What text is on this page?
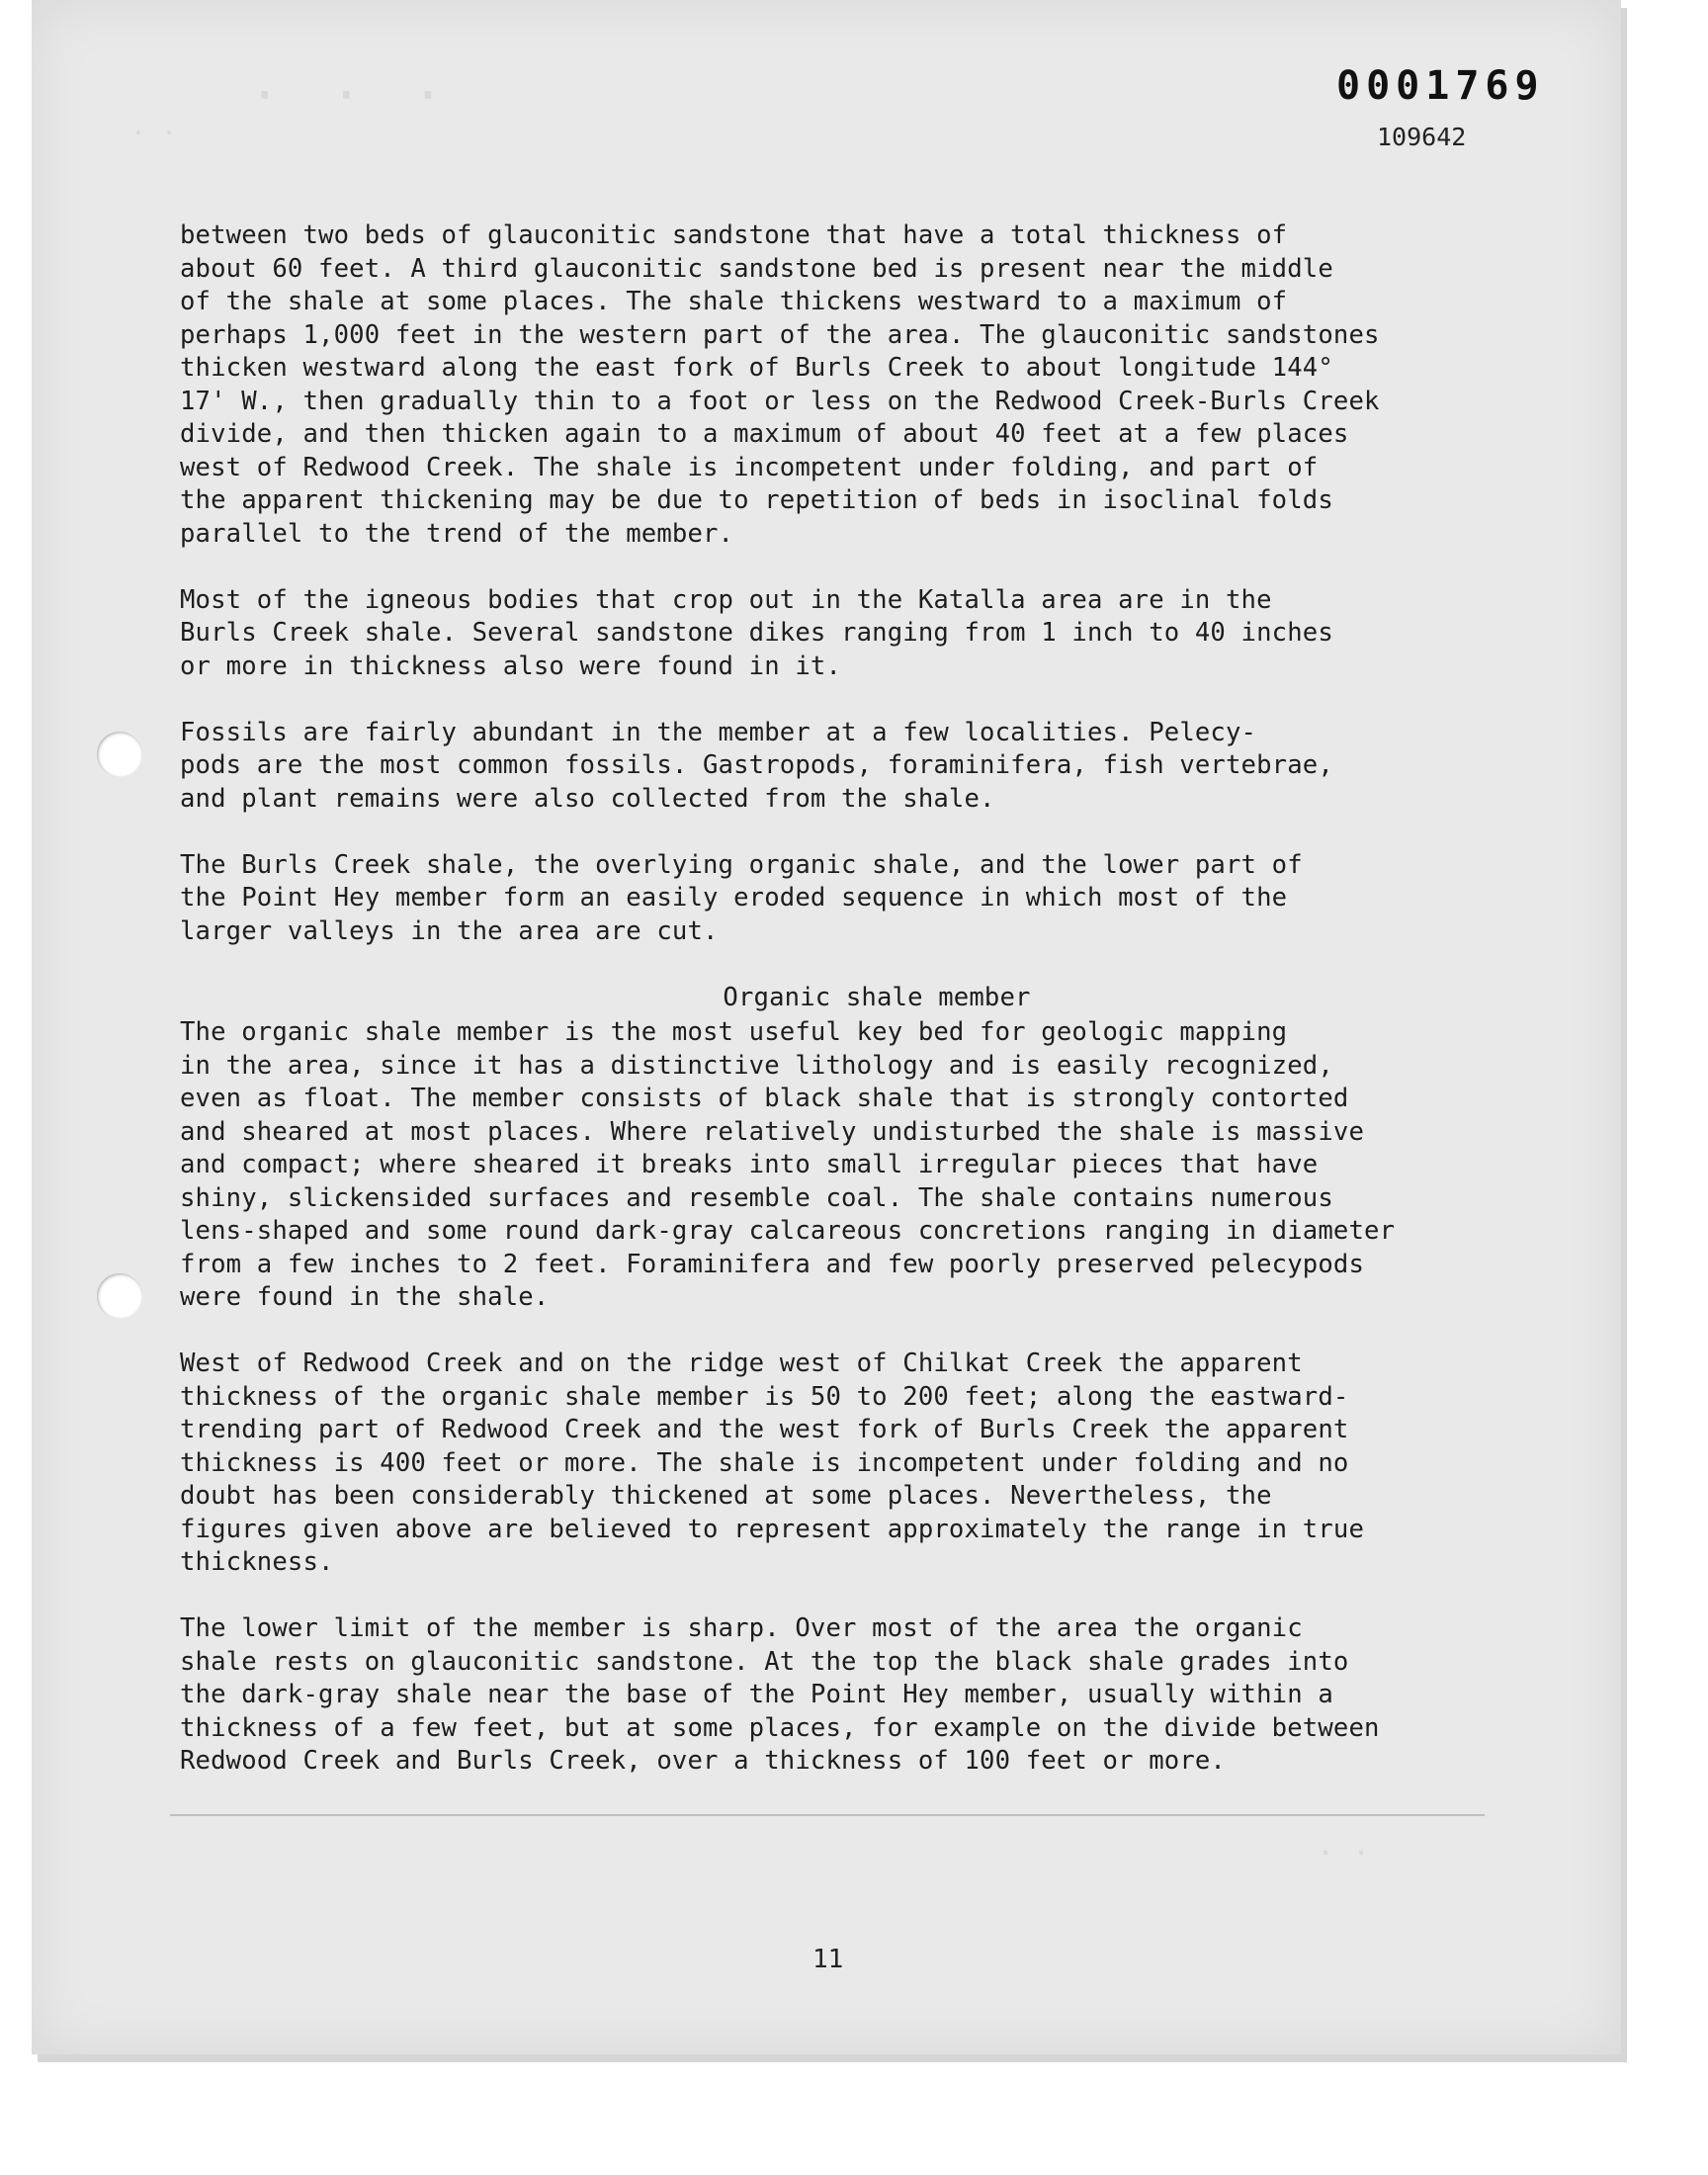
· · ·
· ·
· ·
0001769
109642

between two beds of glauconitic sandstone that have a total thickness of
about 60 feet. A third glauconitic sandstone bed is present near the middle
of the shale at some places. The shale thickens westward to a maximum of
perhaps 1,000 feet in the western part of the area. The glauconitic sandstones
thicken westward along the east fork of Burls Creek to about longitude 144°
17' W., then gradually thin to a foot or less on the Redwood Creek-Burls Creek
divide, and then thicken again to a maximum of about 40 feet at a few places
west of Redwood Creek. The shale is incompetent under folding, and part of
the apparent thickening may be due to repetition of beds in isoclinal folds
parallel to the trend of the member.

Most of the igneous bodies that crop out in the Katalla area are in the
Burls Creek shale. Several sandstone dikes ranging from 1 inch to 40 inches
or more in thickness also were found in it.

Fossils are fairly abundant in the member at a few localities. Pelecy-
pods are the most common fossils. Gastropods, foraminifera, fish vertebrae,
and plant remains were also collected from the shale.

The Burls Creek shale, the overlying organic shale, and the lower part of
the Point Hey member form an easily eroded sequence in which most of the
larger valleys in the area are cut.

Organic shale member

The organic shale member is the most useful key bed for geologic mapping
in the area, since it has a distinctive lithology and is easily recognized,
even as float. The member consists of black shale that is strongly contorted
and sheared at most places. Where relatively undisturbed the shale is massive
and compact; where sheared it breaks into small irregular pieces that have
shiny, slickensided surfaces and resemble coal. The shale contains numerous
lens-shaped and some round dark-gray calcareous concretions ranging in diameter
from a few inches to 2 feet. Foraminifera and few poorly preserved pelecypods
were found in the shale.

West of Redwood Creek and on the ridge west of Chilkat Creek the apparent
thickness of the organic shale member is 50 to 200 feet; along the eastward-
trending part of Redwood Creek and the west fork of Burls Creek the apparent
thickness is 400 feet or more. The shale is incompetent under folding and no
doubt has been considerably thickened at some places. Nevertheless, the
figures given above are believed to represent approximately the range in true
thickness.

The lower limit of the member is sharp. Over most of the area the organic
shale rests on glauconitic sandstone. At the top the black shale grades into
the dark-gray shale near the base of the Point Hey member, usually within a
thickness of a few feet, but at some places, for example on the divide between
Redwood Creek and Burls Creek, over a thickness of 100 feet or more.

11
